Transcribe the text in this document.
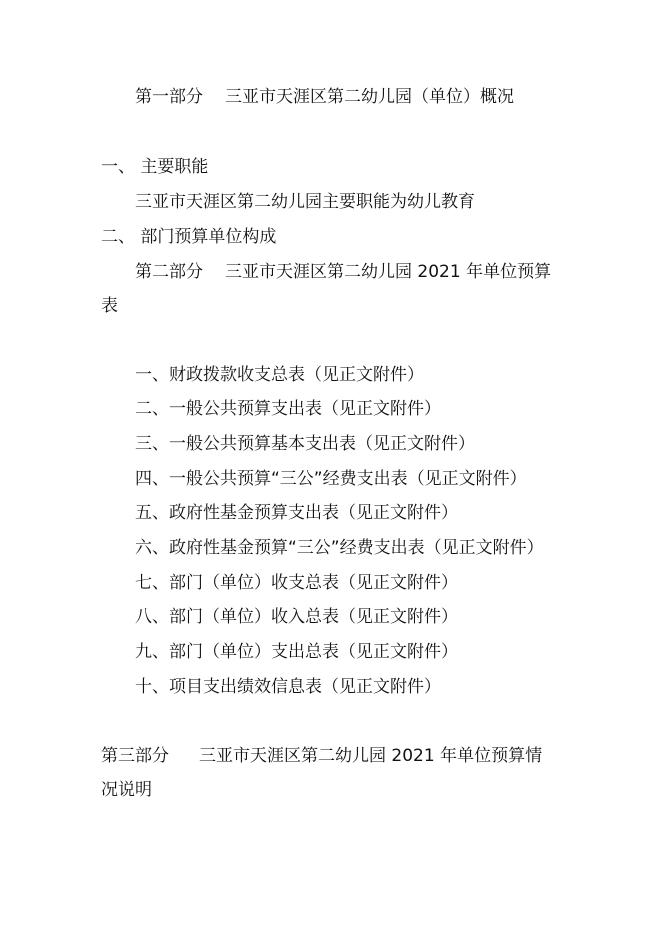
第一部分 三亚市天涯区第二幼儿园（单位）概况
一、 主要职能
三亚市天涯区第二幼儿园主要职能为幼儿教育
二、 部门预算单位构成
第二部分 三亚市天涯区第二幼儿园 2021 年单位预算
表
一、财政拨款收支总表（见正文附件）
二、一般公共预算支出表（见正文附件）
三、一般公共预算基本支出表（见正文附件）
四、一般公共预算“三公”经费支出表（见正文附件）
五、政府性基金预算支出表（见正文附件）
六、政府性基金预算“三公”经费支出表（见正文附件）
七、部门（单位）收支总表（见正文附件）
八、部门（单位）收入总表（见正文附件）
九、部门（单位）支出总表（见正文附件）
十、项目支出绩效信息表（见正文附件）
第三部分 三亚市天涯区第二幼儿园 2021 年单位预算情
况说明
